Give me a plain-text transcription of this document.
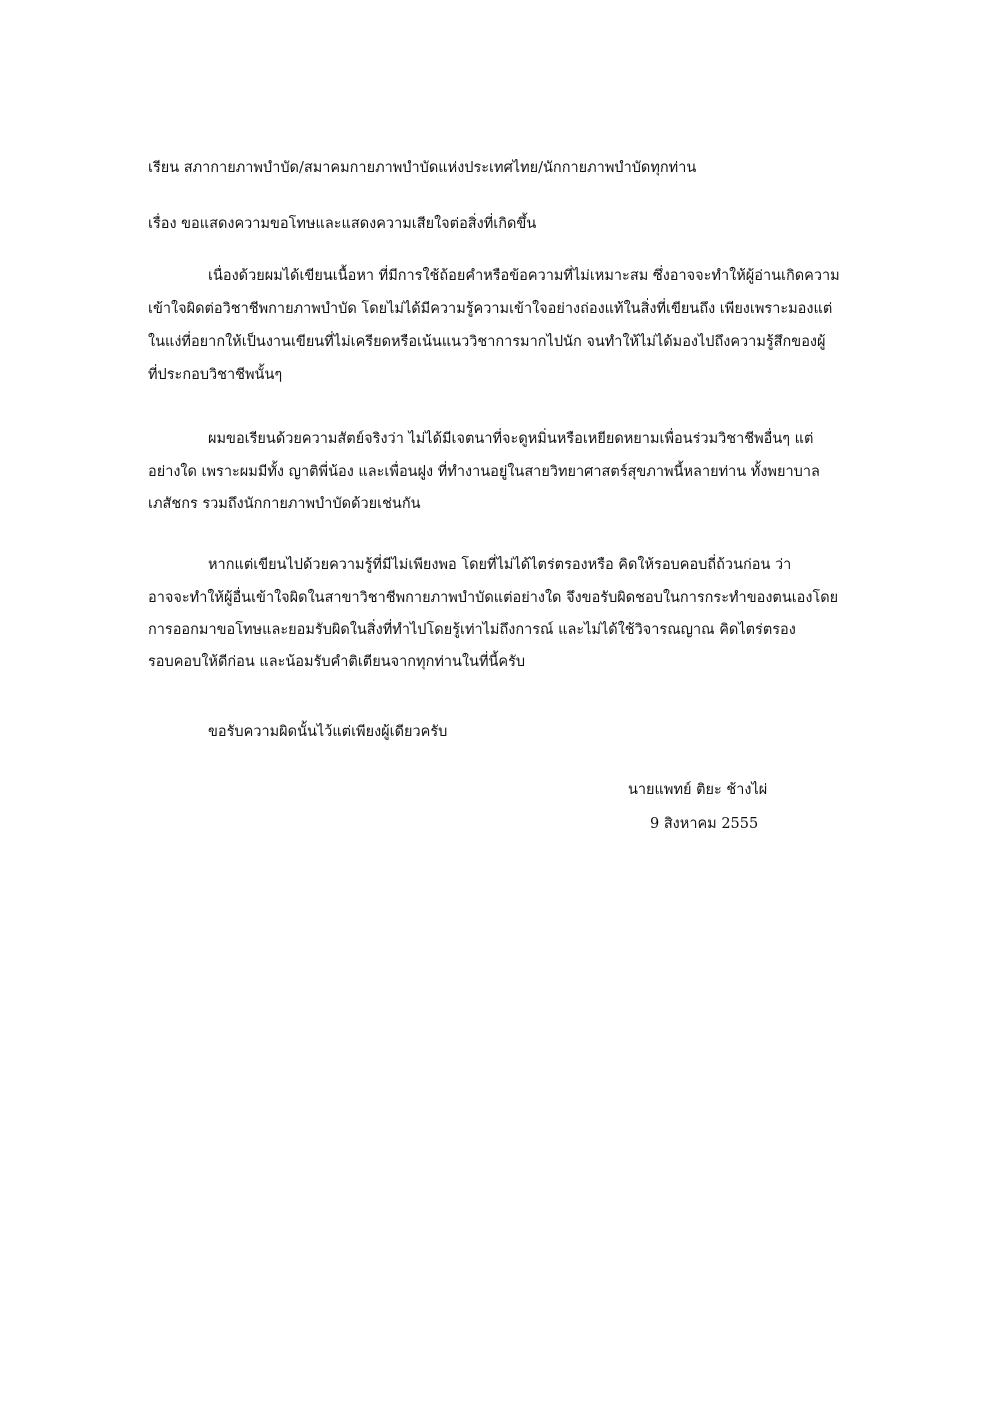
เรียน สภากายภาพบำบัด/สมาคมกายภาพบำบัดแห่งประเทศไทย/นักกายภาพบำบัดทุกท่าน
เรื่อง ขอแสดงความขอโทษและแสดงความเสียใจต่อสิ่งที่เกิดขึ้น
เนื่องด้วยผมได้เขียนเนื้อหา ที่มีการใช้ถ้อยคำหรือข้อความที่ไม่เหมาะสม ซึ่งอาจจะทำให้ผู้อ่านเกิดความ
เข้าใจผิดต่อวิชาชีพกายภาพบำบัด โดยไม่ได้มีความรู้ความเข้าใจอย่างถ่องแท้ในสิ่งที่เขียนถึง เพียงเพราะมองแต่
ในแง่ที่อยากให้เป็นงานเขียนที่ไม่เครียดหรือเน้นแนววิชาการมากไปนัก จนทำให้ไม่ได้มองไปถึงความรู้สึกของผู้
ที่ประกอบวิชาชีพนั้นๆ
ผมขอเรียนด้วยความสัตย์จริงว่า ไม่ได้มีเจตนาที่จะดูหมิ่นหรือเหยียดหยามเพื่อนร่วมวิชาชีพอื่นๆ แต่
อย่างใด เพราะผมมีทั้ง ญาติพี่น้อง และเพื่อนฝูง ที่ทำงานอยู่ในสายวิทยาศาสตร์สุขภาพนี้หลายท่าน ทั้งพยาบาล
เภสัชกร รวมถึงนักกายภาพบำบัดด้วยเช่นกัน
หากแต่เขียนไปด้วยความรู้ที่มีไม่เพียงพอ โดยที่ไม่ได้ไตร่ตรองหรือ คิดให้รอบคอบถี่ถ้วนก่อน ว่า
อาจจะทำให้ผู้อื่นเข้าใจผิดในสาขาวิชาชีพกายภาพบำบัดแต่อย่างใด จึงขอรับผิดชอบในการกระทำของตนเองโดย
การออกมาขอโทษและยอมรับผิดในสิ่งที่ทำไปโดยรู้เท่าไม่ถึงการณ์ และไม่ได้ใช้วิจารณญาณ คิดไตร่ตรอง
รอบคอบให้ดีก่อน และน้อมรับคำติเตียนจากทุกท่านในที่นี้ครับ
ขอรับความผิดนั้นไว้แต่เพียงผู้เดียวครับ
นายแพทย์ ติยะ ช้างไผ่
9 สิงหาคม 2555
